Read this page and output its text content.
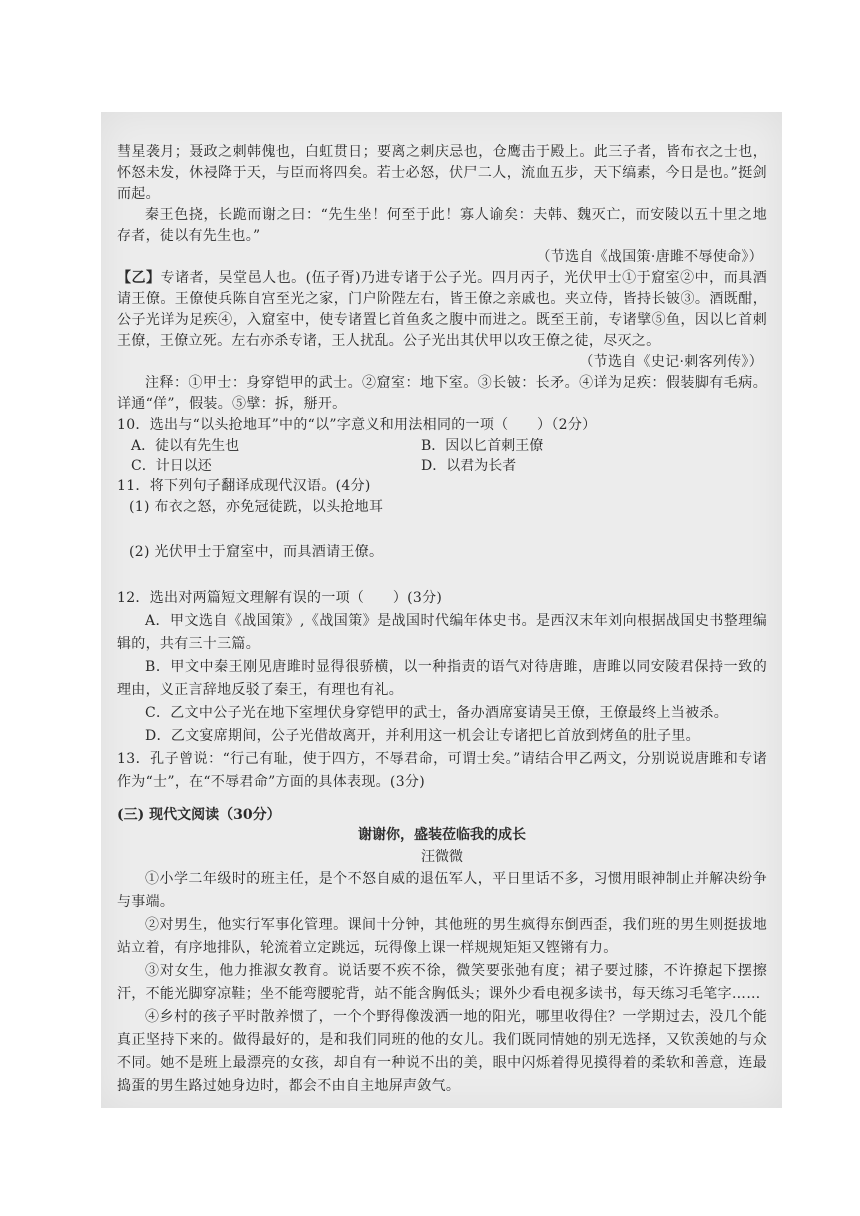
彗星袭月；聂政之刺韩傀也，白虹贯日；要离之刺庆忌也，仓鹰击于殿上。此三子者，皆布衣之士也，怀怒未发，休祲降于天，与臣而将四矣。若士必怒，伏尸二人，流血五步，天下缟素，今日是也。”挺剑而起。

秦王色挠，长跪而谢之曰：“先生坐！何至于此！寡人谕矣：夫韩、魏灭亡，而安陵以五十里之地存者，徒以有先生也。”

（节选自《战国策·唐雎不辱使命》）

【乙】专诸者，吴堂邑人也。(伍子胥)乃进专诸于公子光。四月丙子，光伏甲士①于窟室②中，而具酒请王僚。王僚使兵陈自宫至光之家，门户阶陛左右，皆王僚之亲戚也。夹立侍，皆持长铍③。酒既酣，公子光详为足疾④，入窟室中，使专诸置匕首鱼炙之腹中而进之。既至王前，专诸擘⑤鱼，因以匕首刺王僚，王僚立死。左右亦杀专诸，王人扰乱。公子光出其伏甲以攻王僚之徒，尽灭之。

（节选自《史记·刺客列传》）

注释：①甲士：身穿铠甲的武士。②窟室：地下室。③长铍：长矛。④详为足疾：假装脚有毛病。详通“佯”，假装。⑤擘：拆，掰开。

10．选出与“以头抢地耳”中的“以”字意义和用法相同的一项（　　）（2分）

A．徒以有先生也	B．因以匕首刺王僚
C．计日以还	D．以君为长者

11．将下列句子翻译成现代汉语。(4分)

(1) 布衣之怒，亦免冠徒跣，以头抢地耳

(2) 光伏甲士于窟室中，而具酒请王僚。

12．选出对两篇短文理解有误的一项（　　）(3分)

A．甲文选自《战国策》,《战国策》是战国时代编年体史书。是西汉末年刘向根据战国史书整理编辑的，共有三十三篇。

B．甲文中秦王刚见唐雎时显得很骄横，以一种指责的语气对待唐雎，唐雎以同安陵君保持一致的理由，义正言辞地反驳了秦王，有理也有礼。

C．乙文中公子光在地下室埋伏身穿铠甲的武士，备办酒席宴请吴王僚，王僚最终上当被杀。

D．乙文宴席期间，公子光借故离开，并利用这一机会让专诸把匕首放到烤鱼的肚子里。

13．孔子曾说：“行己有耻，使于四方，不辱君命，可谓士矣。”请结合甲乙两文，分别说说唐雎和专诸作为“士”，在“不辱君命”方面的具体表现。(3分)

(三) 现代文阅读（30分）
谢谢你，盛装莅临我的成长
汪微微

①小学二年级时的班主任，是个不怒自威的退伍军人，平日里话不多，习惯用眼神制止并解决纷争与事端。

②对男生，他实行军事化管理。课间十分钟，其他班的男生疯得东倒西歪，我们班的男生则挺拔地站立着，有序地排队，轮流着立定跳远，玩得像上课一样规规矩矩又铿锵有力。

③对女生，他力推淑女教育。说话要不疾不徐，微笑要张弛有度；裙子要过膝，不许撩起下摆擦汗，不能光脚穿凉鞋；坐不能弯腰驼背，站不能含胸低头；课外少看电视多读书，每天练习毛笔字……

④乡村的孩子平时散养惯了，一个个野得像泼洒一地的阳光，哪里收得住？一学期过去，没几个能真正坚持下来的。做得最好的，是和我们同班的他的女儿。我们既同情她的别无选择，又钦羡她的与众不同。她不是班上最漂亮的女孩，却自有一种说不出的美，眼中闪烁着得见摸得着的柔软和善意，连最捣蛋的男生路过她身边时，都会不由自主地屏声敛气。
